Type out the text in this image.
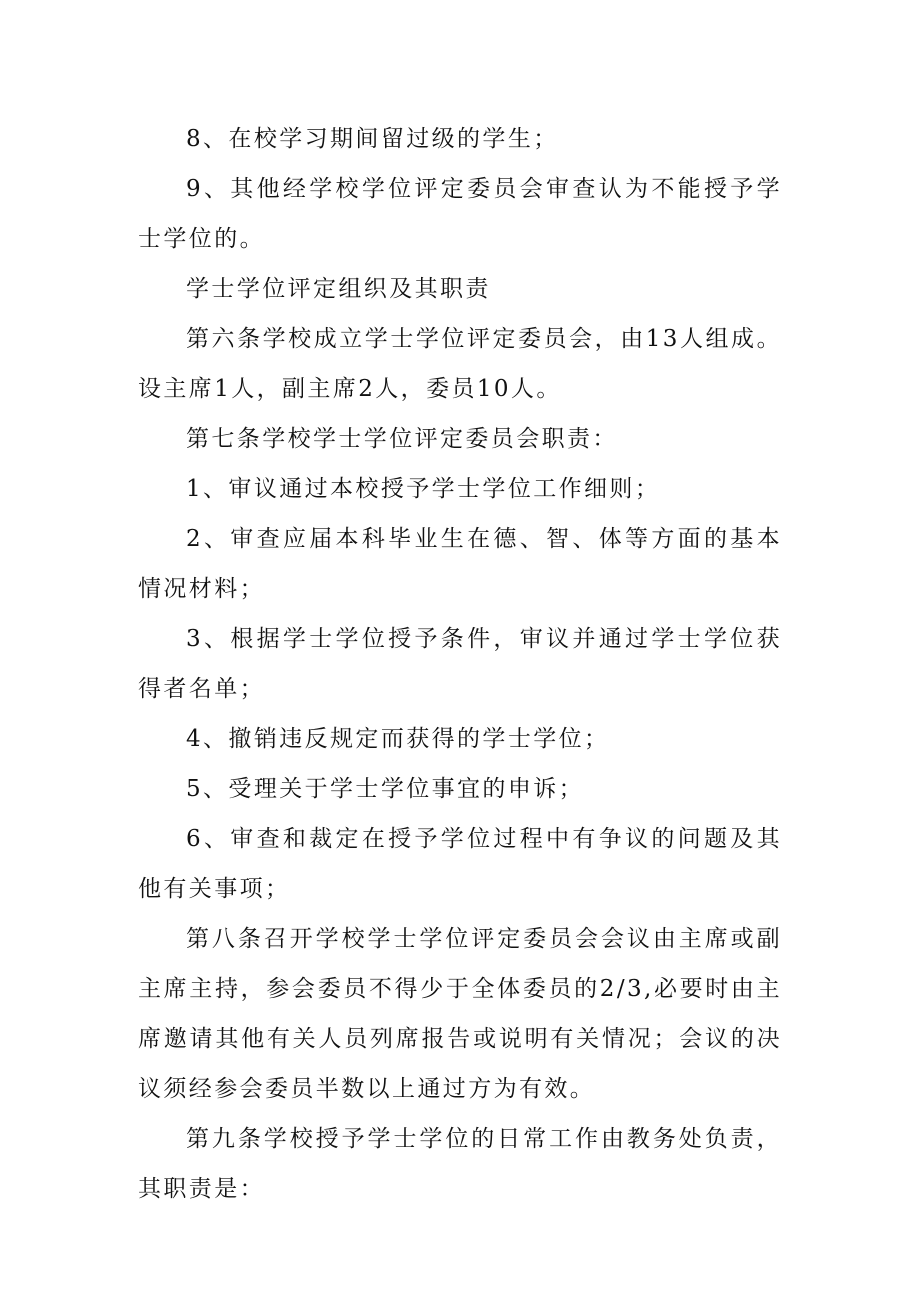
8、在校学习期间留过级的学生；

9、其他经学校学位评定委员会审查认为不能授予学士学位的。

学士学位评定组织及其职责

第六条学校成立学士学位评定委员会，由13人组成。设主席1人，副主席2人，委员10人。

第七条学校学士学位评定委员会职责：

1、审议通过本校授予学士学位工作细则；

2、审查应届本科毕业生在德、智、体等方面的基本情况材料；

3、根据学士学位授予条件，审议并通过学士学位获得者名单；

4、撤销违反规定而获得的学士学位；

5、受理关于学士学位事宜的申诉；

6、审查和裁定在授予学位过程中有争议的问题及其他有关事项；

第八条召开学校学士学位评定委员会会议由主席或副主席主持，参会委员不得少于全体委员的2/3,必要时由主席邀请其他有关人员列席报告或说明有关情况；会议的决议须经参会委员半数以上通过方为有效。

第九条学校授予学士学位的日常工作由教务处负责，其职责是：
